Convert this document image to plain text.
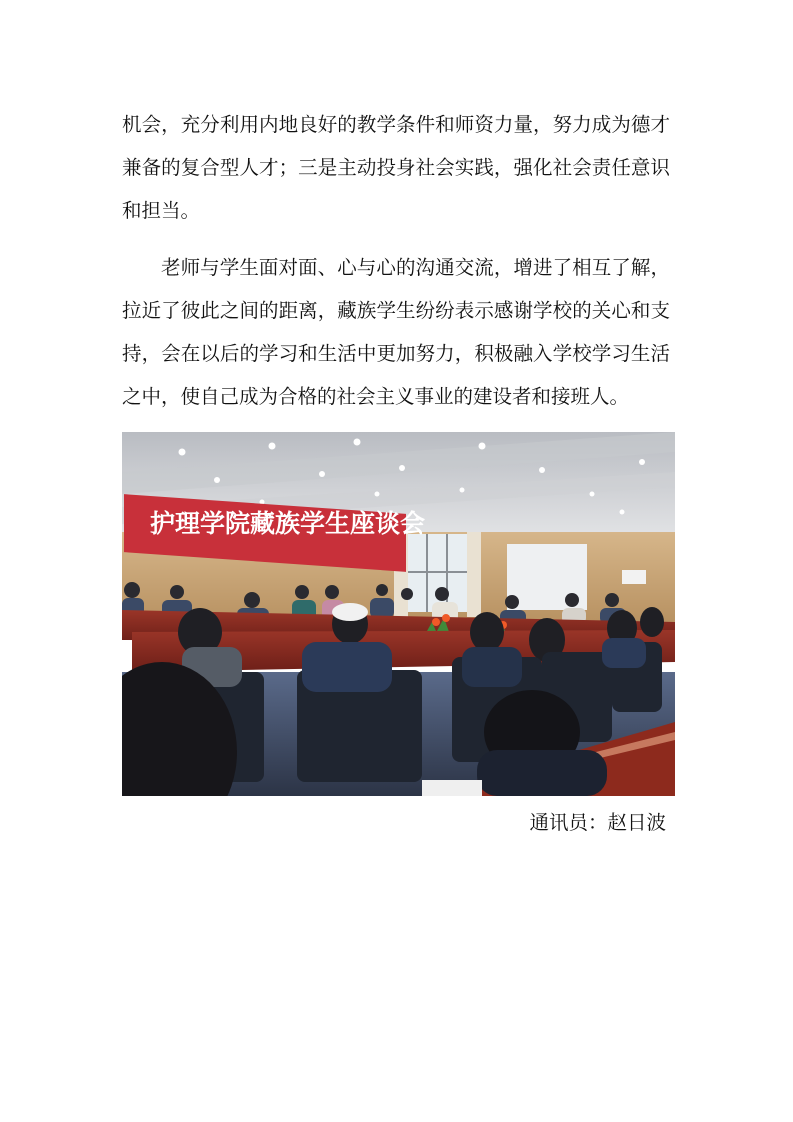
机会，充分利用内地良好的教学条件和师资力量，努力成为德才兼备的复合型人才；三是主动投身社会实践，强化社会责任意识和担当。

老师与学生面对面、心与心的沟通交流，增进了相互了解，拉近了彼此之间的距离，藏族学生纷纷表示感谢学校的关心和支持，会在以后的学习和生活中更加努力，积极融入学校学习生活之中，使自己成为合格的社会主义事业的建设者和接班人。

护理学院藏族学生座谈会
通讯员：赵日波
